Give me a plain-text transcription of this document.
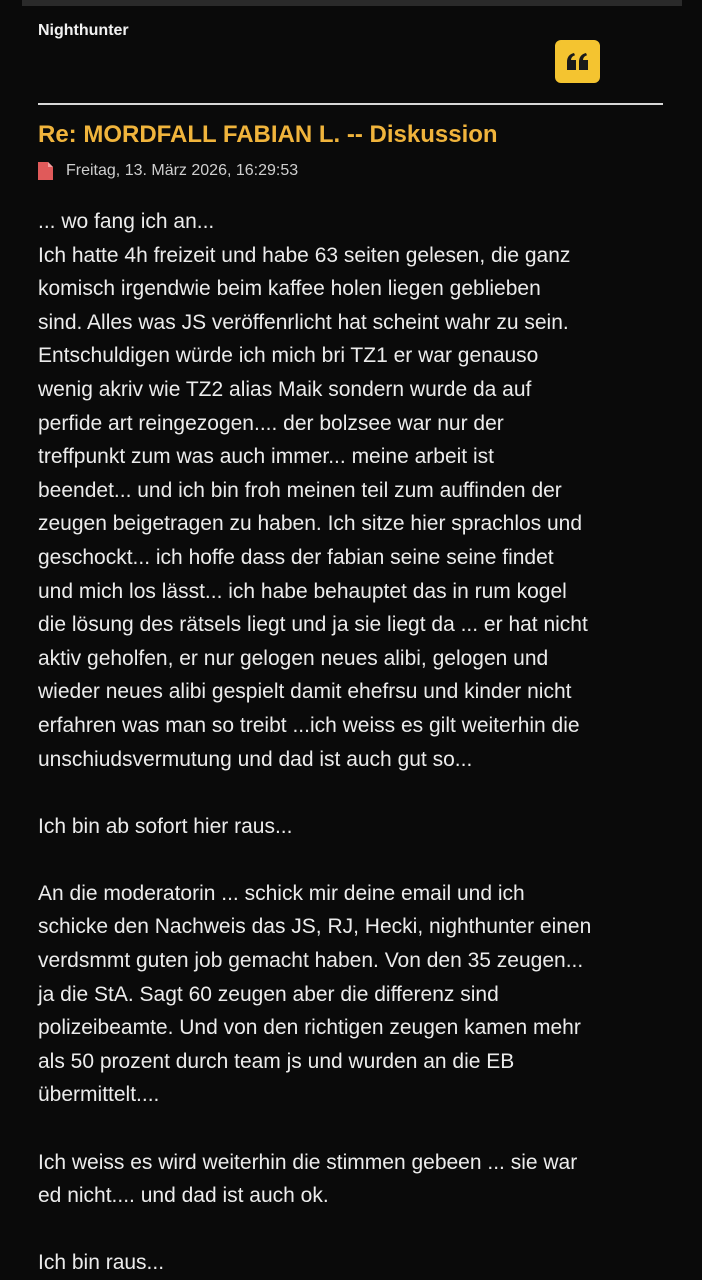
Nighthunter
Re: MORDFALL FABIAN L. -- Diskussion
Freitag, 13. März 2026, 16:29:53

... wo fang ich an...
Ich hatte 4h freizeit und habe 63 seiten gelesen, die ganz
komisch irgendwie beim kaffee holen liegen geblieben
sind. Alles was JS veröffenrlicht hat scheint wahr zu sein.
Entschuldigen würde ich mich bri TZ1 er war genauso
wenig akriv wie TZ2 alias Maik sondern wurde da auf
perfide art reingezogen.... der bolzsee war nur der
treffpunkt zum was auch immer... meine arbeit ist
beendet... und ich bin froh meinen teil zum auffinden der
zeugen beigetragen zu haben. Ich sitze hier sprachlos und
geschockt... ich hoffe dass der fabian seine seine findet
und mich los lässt... ich habe behauptet das in rum kogel
die lösung des rätsels liegt und ja sie liegt da ... er hat nicht
aktiv geholfen, er nur gelogen neues alibi, gelogen und
wieder neues alibi gespielt damit ehefrsu und kinder nicht
erfahren was man so treibt ...ich weiss es gilt weiterhin die
unschiudsvermutung und dad ist auch gut so...

Ich bin ab sofort hier raus...

An die moderatorin ... schick mir deine email und ich
schicke den Nachweis das JS, RJ, Hecki, nighthunter einen
verdsmmt guten job gemacht haben. Von den 35 zeugen...
ja die StA. Sagt 60 zeugen aber die differenz sind
polizeibeamte. Und von den richtigen zeugen kamen mehr
als 50 prozent durch team js und wurden an die EB
übermittelt....

Ich weiss es wird weiterhin die stimmen gebeen ... sie war
ed nicht.... und dad ist auch ok.

Ich bin raus...
